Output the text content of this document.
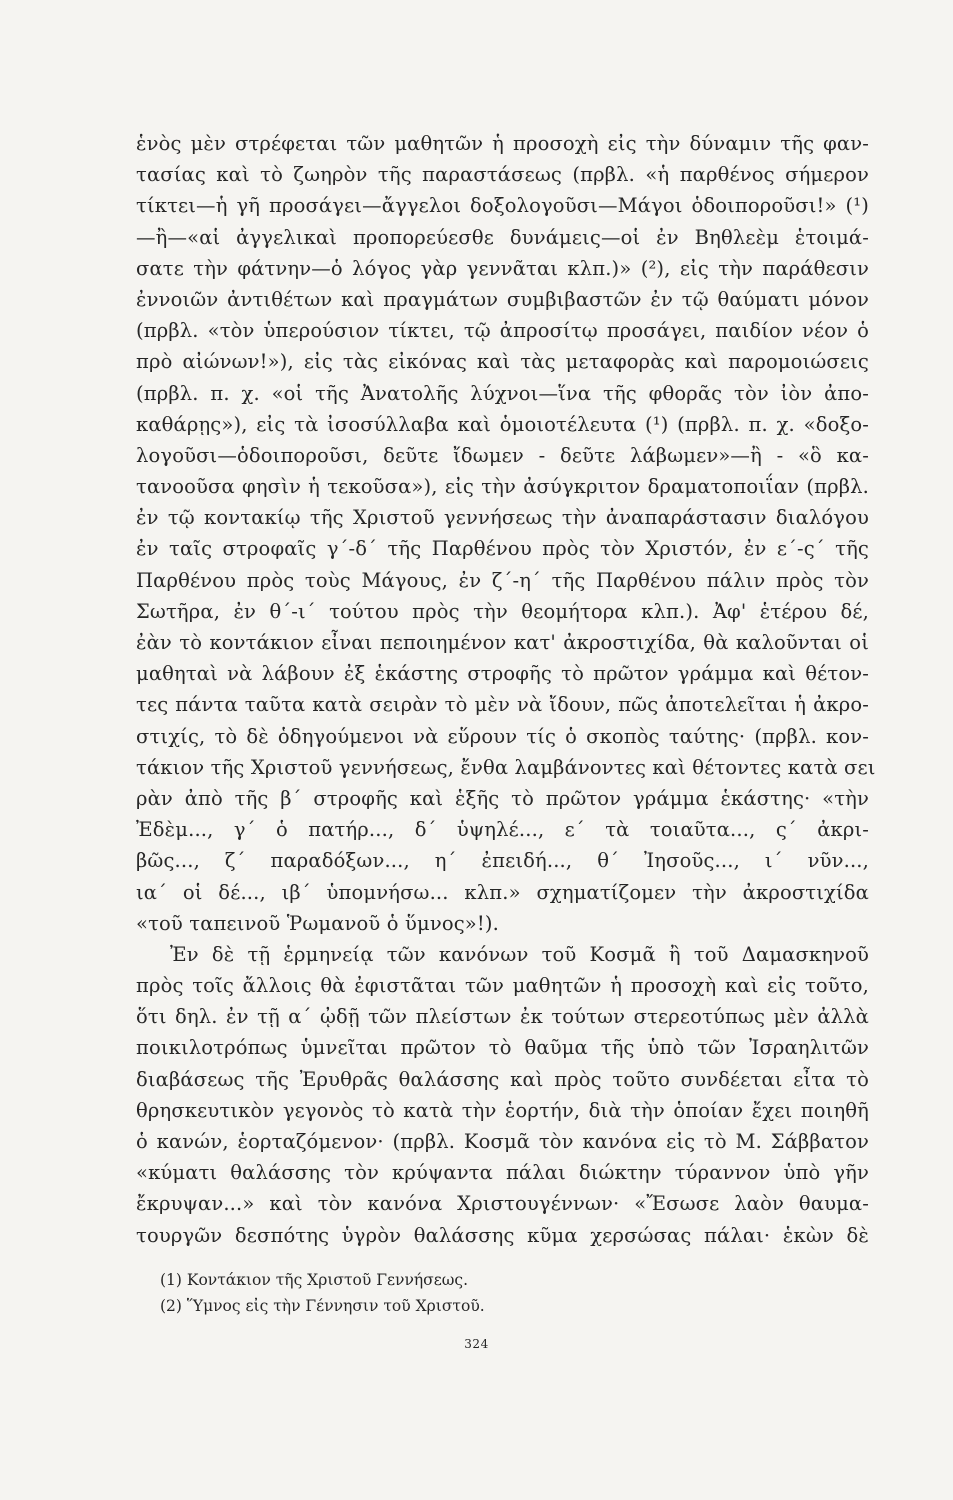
ἑνὸς μὲν στρέφεται τῶν μαθητῶν ἡ προσοχὴ εἰς τὴν δύναμιν τῆς φαν-
τασίας καὶ τὸ ζωηρὸν τῆς παραστάσεως (πρβλ. «ἡ παρθένος σήμερον
τίκτει—ἡ γῆ προσάγει—ἄγγελοι δοξολογοῦσι—Μάγοι ὁδοιποροῦσι!» (¹)
—ἢ—«αἱ ἀγγελικαὶ προπορεύεσθε δυνάμεις—οἱ ἐν Βηθλεὲμ ἑτοιμά-
σατε τὴν φάτνην—ὁ λόγος γὰρ γεννᾶται κλπ.)» (²), εἰς τὴν παράθεσιν
ἐννοιῶν ἀντιθέτων καὶ πραγμάτων συμβιβαστῶν ἐν τῷ θαύματι μόνον
(πρβλ. «τὸν ὑπερούσιον τίκτει, τῷ ἀπροσίτῳ προσάγει, παιδίον νέον ὁ
πρὸ αἰώνων!»), εἰς τὰς εἰκόνας καὶ τὰς μεταφορὰς καὶ παρομοιώσεις
(πρβλ. π. χ. «οἱ τῆς Ἀνατολῆς λύχνοι—ἵνα τῆς φθορᾶς τὸν ἰὸν ἀπο-
καθάρῃς»), εἰς τὰ ἰσοσύλλαβα καὶ ὁμοιοτέλευτα (¹) (πρβλ. π. χ. «δοξο-
λογοῦσι—ὁδοιποροῦσι, δεῦτε ἴδωμεν - δεῦτε λάβωμεν»—ἢ - «ὃ κα-
τανοοῦσα φησὶν ἡ τεκοῦσα»), εἰς τὴν ἀσύγκριτον δραματοποιΐαν (πρβλ.
ἐν τῷ κοντακίῳ τῆς Χριστοῦ γεννήσεως τὴν ἀναπαράστασιν διαλόγου
ἐν ταῖς στροφαῖς γ´-δ´ τῆς Παρθένου πρὸς τὸν Χριστόν, ἐν ε´-ς´ τῆς
Παρθένου πρὸς τοὺς Μάγους, ἐν ζ´-η´ τῆς Παρθένου πάλιν πρὸς τὸν
Σωτῆρα, ἐν θ´-ι´ τούτου πρὸς τὴν θεομήτορα κλπ.). Ἀφ' ἑτέρου δέ,
ἐὰν τὸ κοντάκιον εἶναι πεποιημένον κατ' ἀκροστιχίδα, θὰ καλοῦνται οἱ
μαθηταὶ νὰ λάβουν ἐξ ἑκάστης στροφῆς τὸ πρῶτον γράμμα καὶ θέτον-
τες πάντα ταῦτα κατὰ σειρὰν τὸ μὲν νὰ ἴδουν, πῶς ἀποτελεῖται ἡ ἀκρο-
στιχίς, τὸ δὲ ὁδηγούμενοι νὰ εὕρουν τίς ὁ σκοπὸς ταύτης· (πρβλ. κον-
τάκιον τῆς Χριστοῦ γεννήσεως, ἔνθα λαμβάνοντες καὶ θέτοντες κατὰ σει
ρὰν ἀπὸ τῆς β´ στροφῆς καὶ ἑξῆς τὸ πρῶτον γράμμα ἑκάστης· «τὴν
Ἐδὲμ..., γ´ ὁ πατήρ..., δ´ ὑψηλέ..., ε´ τὰ τοιαῦτα..., ς´ ἀκρι-
βῶς..., ζ´ παραδόξων..., η´ ἐπειδή..., θ´ Ἰησοῦς..., ι´ νῦν...,
ια´ οἱ δέ..., ιβ´ ὑπομνήσω... κλπ.» σχηματίζομεν τὴν ἀκροστιχίδα
«τοῦ ταπεινοῦ Ῥωμανοῦ ὁ ὕμνος»!).
Ἐν δὲ τῇ ἑρμηνείᾳ τῶν κανόνων τοῦ Κοσμᾶ ἢ τοῦ Δαμασκηνοῦ
πρὸς τοῖς ἄλλοις θὰ ἐφιστᾶται τῶν μαθητῶν ἡ προσοχὴ καὶ εἰς τοῦτο,
ὅτι δηλ. ἐν τῇ α´ ᾠδῇ τῶν πλείστων ἐκ τούτων στερεοτύπως μὲν ἀλλὰ
ποικιλοτρόπως ὑμνεῖται πρῶτον τὸ θαῦμα τῆς ὑπὸ τῶν Ἰσραηλιτῶν
διαβάσεως τῆς Ἐρυθρᾶς θαλάσσης καὶ πρὸς τοῦτο συνδέεται εἶτα τὸ
θρησκευτικὸν γεγονὸς τὸ κατὰ τὴν ἑορτήν, διὰ τὴν ὁποίαν ἔχει ποιηθῆ
ὁ κανών, ἑορταζόμενον· (πρβλ. Κοσμᾶ τὸν κανόνα εἰς τὸ Μ. Σάββατον
«κύματι θαλάσσης τὸν κρύψαντα πάλαι διώκτην τύραννον ὑπὸ γῆν
ἔκρυψαν...» καὶ τὸν κανόνα Χριστουγέννων· «Ἔσωσε λαὸν θαυμα-
τουργῶν δεσπότης ὑγρὸν θαλάσσης κῦμα χερσώσας πάλαι· ἑκὼν δὲ
(1) Κοντάκιον τῆς Χριστοῦ Γεννήσεως.
(2) Ὕμνος εἰς τὴν Γέννησιν τοῦ Χριστοῦ.
324
